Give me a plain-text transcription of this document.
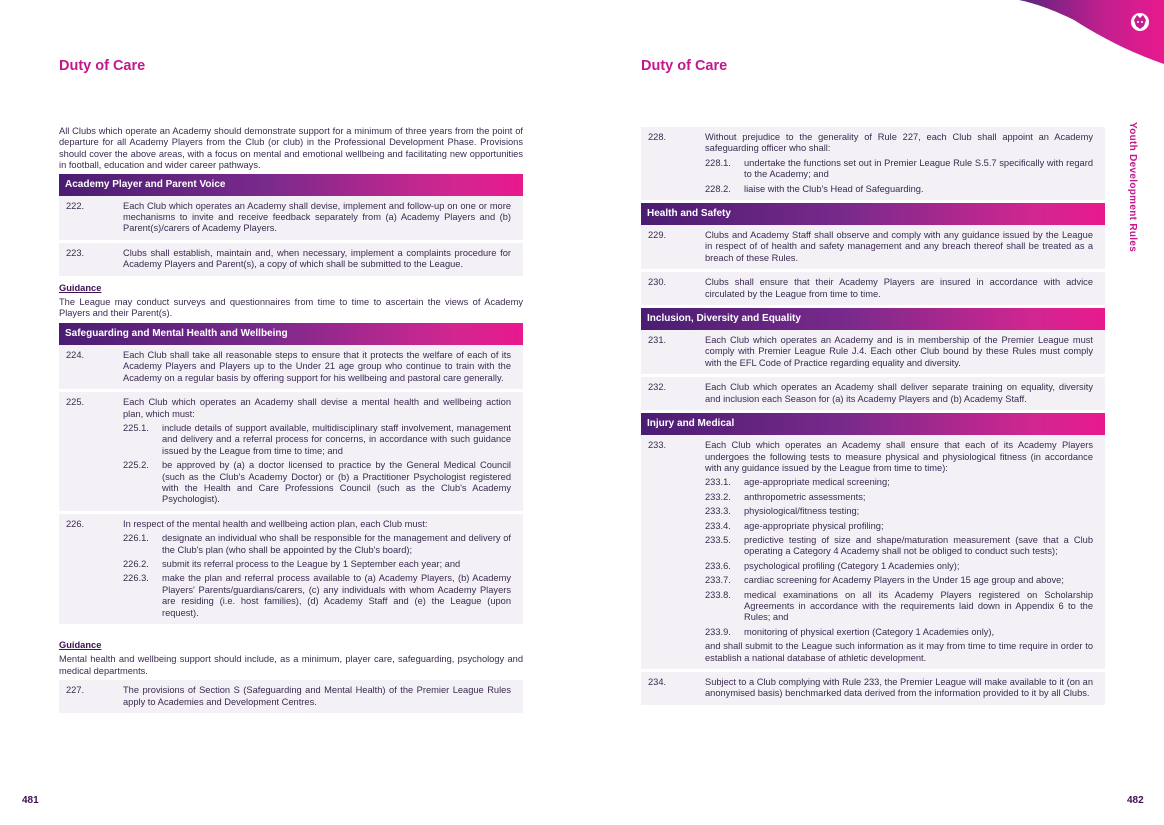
Duty of Care

All Clubs which operate an Academy should demonstrate support for a minimum of three years from the point of departure for all Academy Players from the Club (or club) in the Professional Development Phase. Provisions should cover the above areas, with a focus on mental and emotional wellbeing and facilitating new opportunities in football, education and wider career pathways.

Academy Player and Parent Voice
222.	Each Club which operates an Academy shall devise, implement and follow-up on one or more mechanisms to invite and receive feedback separately from (a) Academy Players and (b) Parent(s)/carers of Academy Players.
223.	Clubs shall establish, maintain and, when necessary, implement a complaints procedure for Academy Players and Parent(s), a copy of which shall be submitted to the League.
Guidance
The League may conduct surveys and questionnaires from time to time to ascertain the views of Academy Players and their Parent(s).
Safeguarding and Mental Health and Wellbeing
224.	Each Club shall take all reasonable steps to ensure that it protects the welfare of each of its Academy Players and Players up to the Under 21 age group who continue to train with the Academy on a regular basis by offering support for his wellbeing and pastoral care generally.
225.	Each Club which operates an Academy shall devise a mental health and wellbeing action plan, which must:
225.1.	include details of support available, multidisciplinary staff involvement, management and delivery and a referral process for concerns, in accordance with such guidance issued by the League from time to time; and
225.2.	be approved by (a) a doctor licensed to practice by the General Medical Council (such as the Club's Academy Doctor) or (b) a Practitioner Psychologist registered with the Health and Care Professions Council (such as the Club's Academy Psychologist).
226.	In respect of the mental health and wellbeing action plan, each Club must:
226.1.	designate an individual who shall be responsible for the management and delivery of the Club's plan (who shall be appointed by the Club's board);
226.2.	submit its referral process to the League by 1 September each year; and
226.3.	make the plan and referral process available to (a) Academy Players, (b) Academy Players' Parents/guardians/carers, (c) any individuals with whom Academy Players are residing (i.e. host families), (d) Academy Staff and (e) the League (upon request).
Guidance
Mental health and wellbeing support should include, as a minimum, player care, safeguarding, psychology and medical departments.
227.	The provisions of Section S (Safeguarding and Mental Health) of the Premier League Rules apply to Academies and Development Centres.
481
Duty of Care
228.	Without prejudice to the generality of Rule 227, each Club shall appoint an Academy safeguarding officer who shall:
228.1.	undertake the functions set out in Premier League Rule S.5.7 specifically with regard to the Academy; and
228.2.	liaise with the Club's Head of Safeguarding.
Health and Safety
229.	Clubs and Academy Staff shall observe and comply with any guidance issued by the League in respect of of health and safety management and any breach thereof shall be treated as a breach of these Rules.
230.	Clubs shall ensure that their Academy Players are insured in accordance with advice circulated by the League from time to time.
Inclusion, Diversity and Equality
231.	Each Club which operates an Academy and is in membership of the Premier League must comply with Premier League Rule J.4. Each other Club bound by these Rules must comply with the EFL Code of Practice regarding equality and diversity.
232.	Each Club which operates an Academy shall deliver separate training on equality, diversity and inclusion each Season for (a) its Academy Players and (b) Academy Staff.
Injury and Medical
233.	Each Club which operates an Academy shall ensure that each of its Academy Players undergoes the following tests to measure physical and physiological fitness (in accordance with any guidance issued by the League from time to time):
233.1.	age-appropriate medical screening;
233.2.	anthropometric assessments;
233.3.	physiological/fitness testing;
233.4.	age-appropriate physical profiling;
233.5.	predictive testing of size and shape/maturation measurement (save that a Club operating a Category 4 Academy shall not be obliged to conduct such tests);
233.6.	psychological profiling (Category 1 Academies only);
233.7.	cardiac screening for Academy Players in the Under 15 age group and above;
233.8.	medical examinations on all its Academy Players registered on Scholarship Agreements in accordance with the requirements laid down in Appendix 6 to the Rules; and
233.9.	monitoring of physical exertion (Category 1 Academies only),
and shall submit to the League such information as it may from time to time require in order to establish a national database of athletic development.
234.	Subject to a Club complying with Rule 233, the Premier League will make available to it (on an anonymised basis) benchmarked data derived from the information provided to it by all Clubs.
482
Youth Development Rules
